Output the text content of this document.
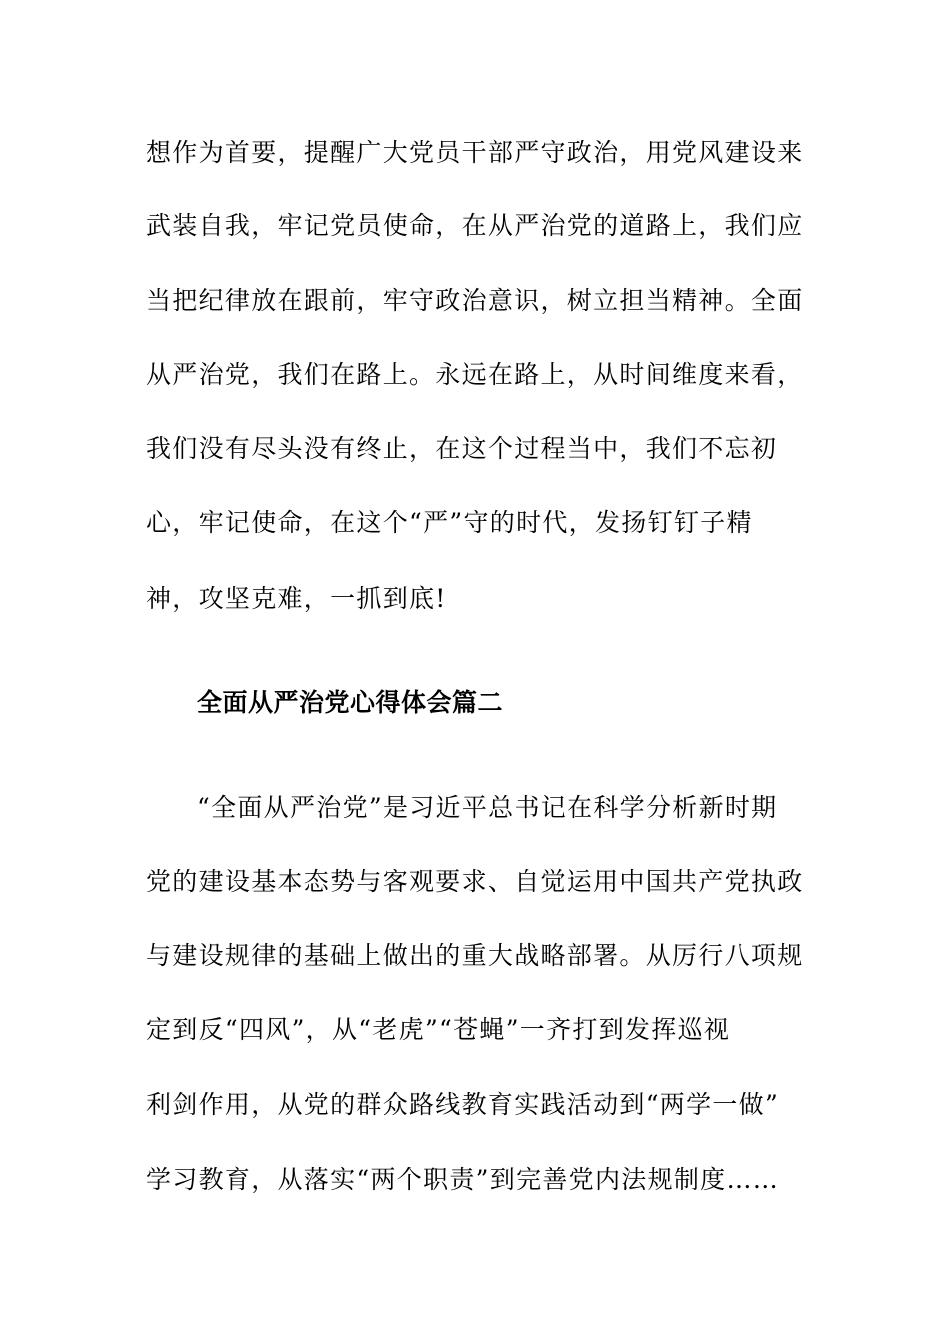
想作为首要，提醒广大党员干部严守政治，用党风建设来
武装自我，牢记党员使命，在从严治党的道路上，我们应
当把纪律放在跟前，牢守政治意识，树立担当精神。全面
从严治党，我们在路上。永远在路上，从时间维度来看，
我们没有尽头没有终止，在这个过程当中，我们不忘初
心，牢记使命，在这个“严”守的时代，发扬钉钉子精
神，攻坚克难，一抓到底!
全面从严治党心得体会篇二
“全面从严治党”是习近平总书记在科学分析新时期
党的建设基本态势与客观要求、自觉运用中国共产党执政
与建设规律的基础上做出的重大战略部署。从厉行八项规
定到反“四风”，从“老虎”“苍蝇”一齐打到发挥巡视
利剑作用，从党的群众路线教育实践活动到“两学一做”
学习教育，从落实“两个职责”到完善党内法规制度……
